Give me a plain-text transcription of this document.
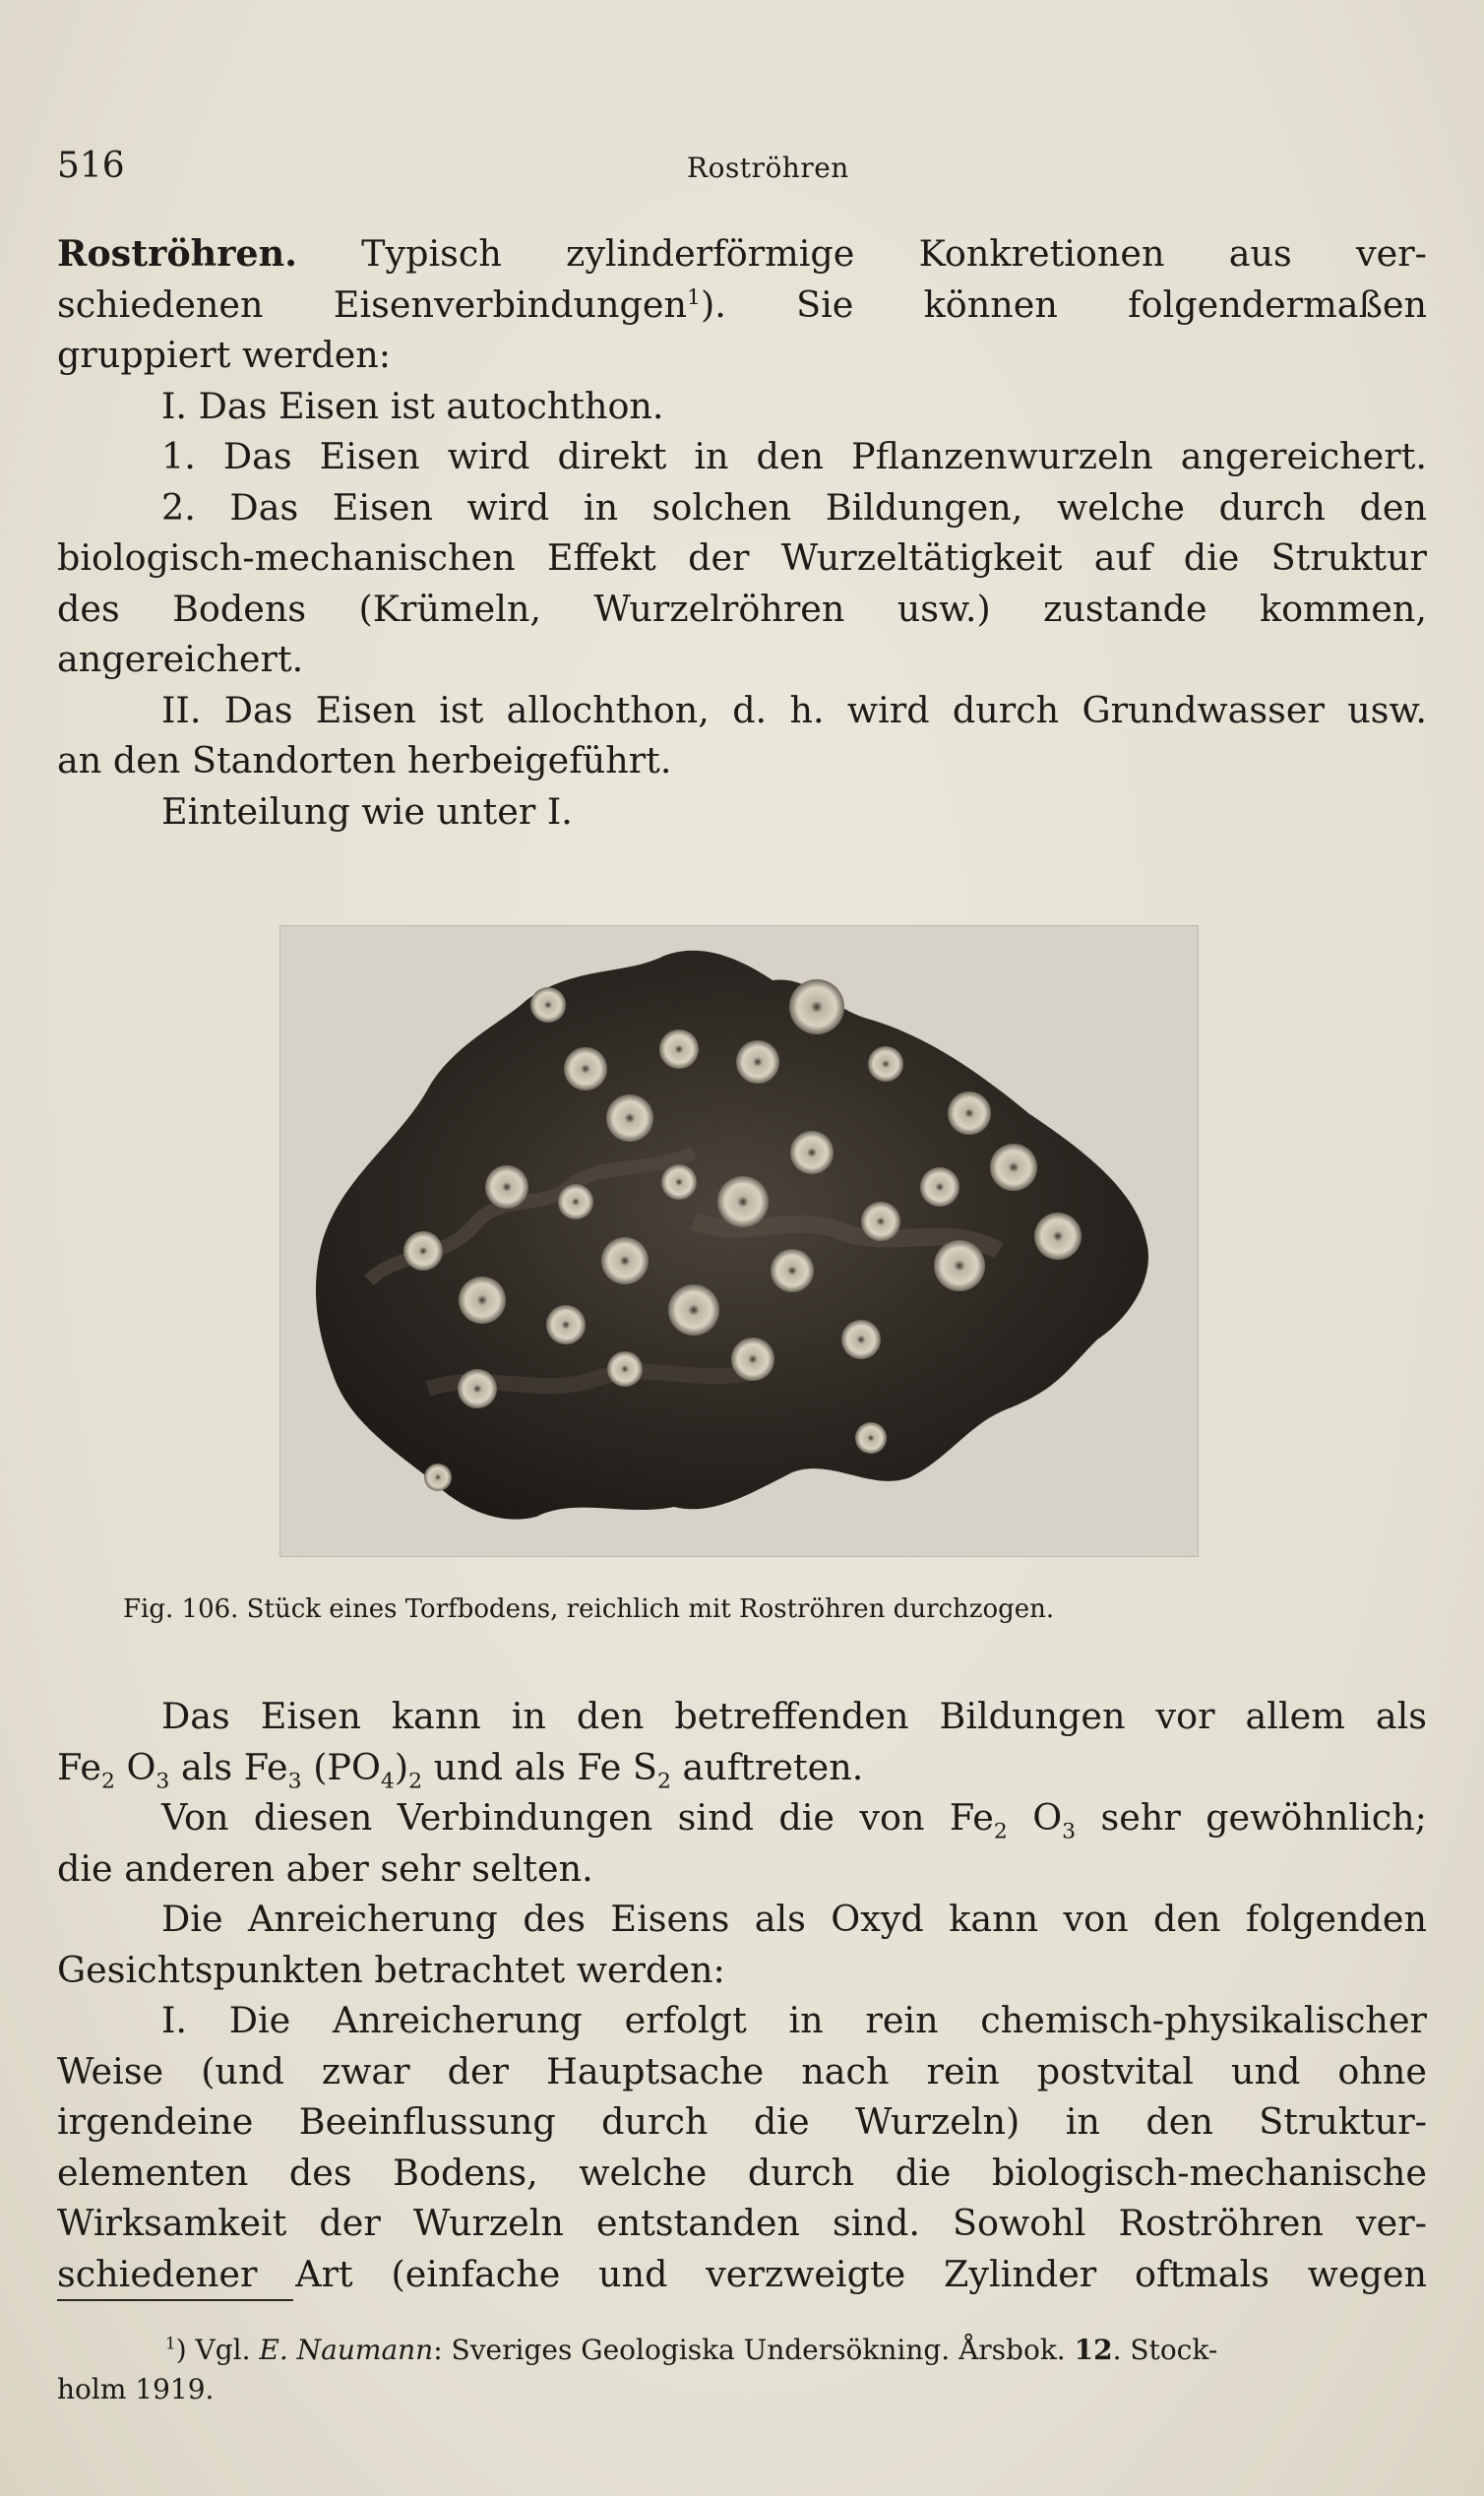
516	Roströhren
Roströhren. Typisch zylinderförmige Konkretionen aus ver-
schiedenen Eisenverbindungen$^1$). Sie können folgendermaßen
gruppiert werden:
I. Das Eisen ist autochthon.
1. Das Eisen wird direkt in den Pflanzenwurzeln angereichert.
2. Das Eisen wird in solchen Bildungen, welche durch den
biologisch-mechanischen Effekt der Wurzeltätigkeit auf die Struktur
des Bodens (Krümeln, Wurzelröhren usw.) zustande kommen,
angereichert.
II. Das Eisen ist allochthon, d. h. wird durch Grundwasser usw.
an den Standorten herbeigeführt.
Einteilung wie unter I.
Fig. 106. Stück eines Torfbodens, reichlich mit Roströhren durchzogen.
Das Eisen kann in den betreffenden Bildungen vor allem als
$Fe_2$ $O_3$ als $Fe_3$ $(PO_4)_2$ und als Fe $S_2$ auftreten.
Von diesen Verbindungen sind die von $Fe_2$ $O_3$ sehr gewöhnlich;
die anderen aber sehr selten.
Die Anreicherung des Eisens als Oxyd kann von den folgenden
Gesichtspunkten betrachtet werden:
I. Die Anreicherung erfolgt in rein chemisch-physikalischer
Weise (und zwar der Hauptsache nach rein postvital und ohne
irgendeine Beeinflussung durch die Wurzeln) in den Struktur-
elementen des Bodens, welche durch die biologisch-mechanische
Wirksamkeit der Wurzeln entstanden sind. Sowohl Roströhren ver-
schiedener Art (einfache und verzweigte Zylinder oftmals wegen
$^1$) Vgl. E. Naumann: Sveriges Geologiska Undersökning. Årsbok. 12. Stock-
holm 1919.
